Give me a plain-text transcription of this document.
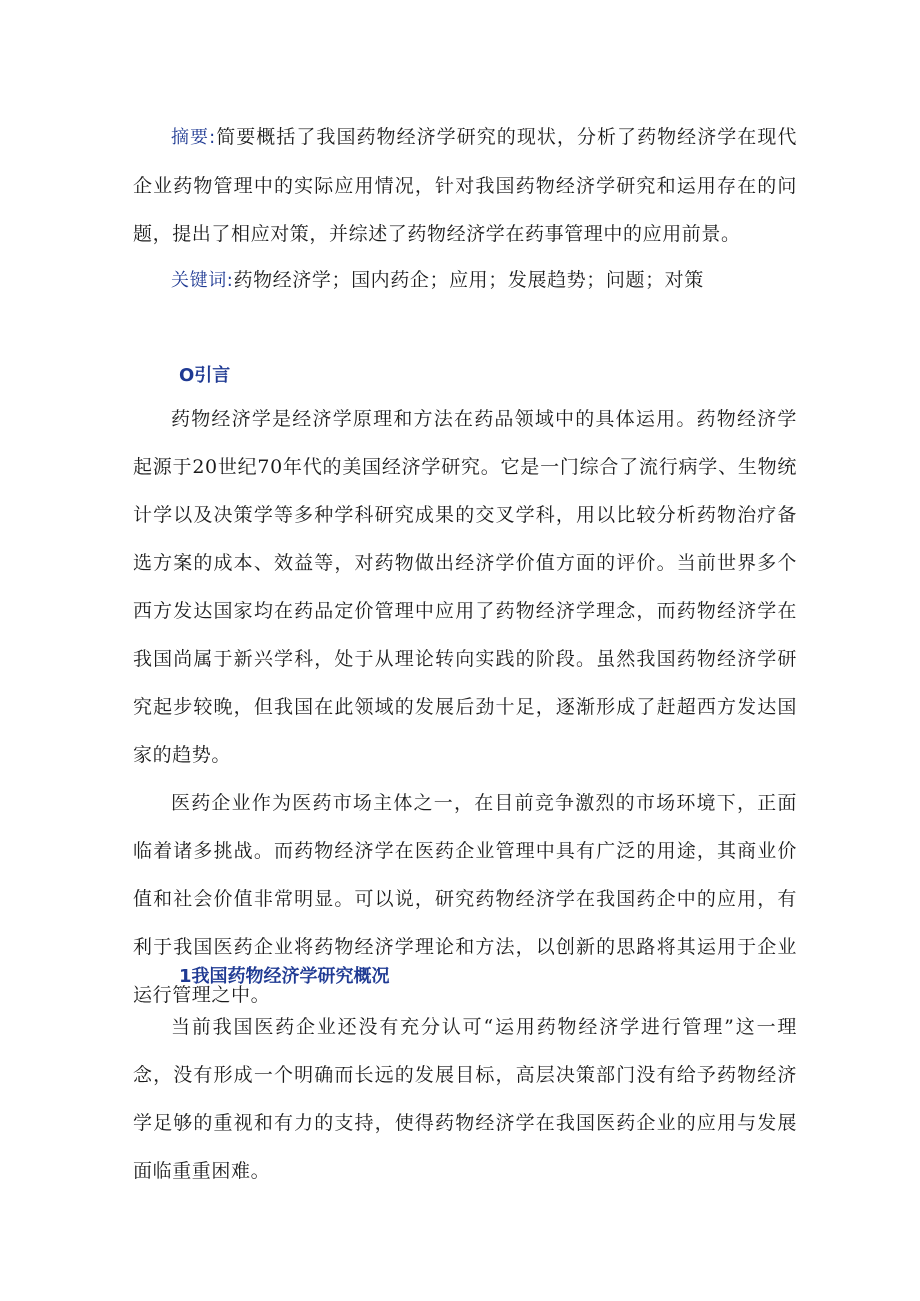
摘要:简要概括了我国药物经济学研究的现状，分析了药物经济学在现代企业药物管理中的实际应用情况，针对我国药物经济学研究和运用存在的问题，提出了相应对策，并综述了药物经济学在药事管理中的应用前景。

关键词:药物经济学；国内药企；应用；发展趋势；问题；对策

O引言

药物经济学是经济学原理和方法在药品领域中的具体运用。药物经济学起源于20世纪70年代的美国经济学研究。它是一门综合了流行病学、生物统计学以及决策学等多种学科研究成果的交叉学科，用以比较分析药物治疗备选方案的成本、效益等，对药物做出经济学价值方面的评价。当前世界多个西方发达国家均在药品定价管理中应用了药物经济学理念，而药物经济学在我国尚属于新兴学科，处于从理论转向实践的阶段。虽然我国药物经济学研究起步较晚，但我国在此领域的发展后劲十足，逐渐形成了赶超西方发达国家的趋势。

医药企业作为医药市场主体之一，在目前竞争激烈的市场环境下，正面临着诸多挑战。而药物经济学在医药企业管理中具有广泛的用途，其商业价值和社会价值非常明显。可以说，研究药物经济学在我国药企中的应用，有利于我国医药企业将药物经济学理论和方法，以创新的思路将其运用于企业运行管理之中。

1我国药物经济学研究概况

当前我国医药企业还没有充分认可“运用药物经济学进行管理”这一理念，没有形成一个明确而长远的发展目标，高层决策部门没有给予药物经济学足够的重视和有力的支持，使得药物经济学在我国医药企业的应用与发展面临重重困难。
